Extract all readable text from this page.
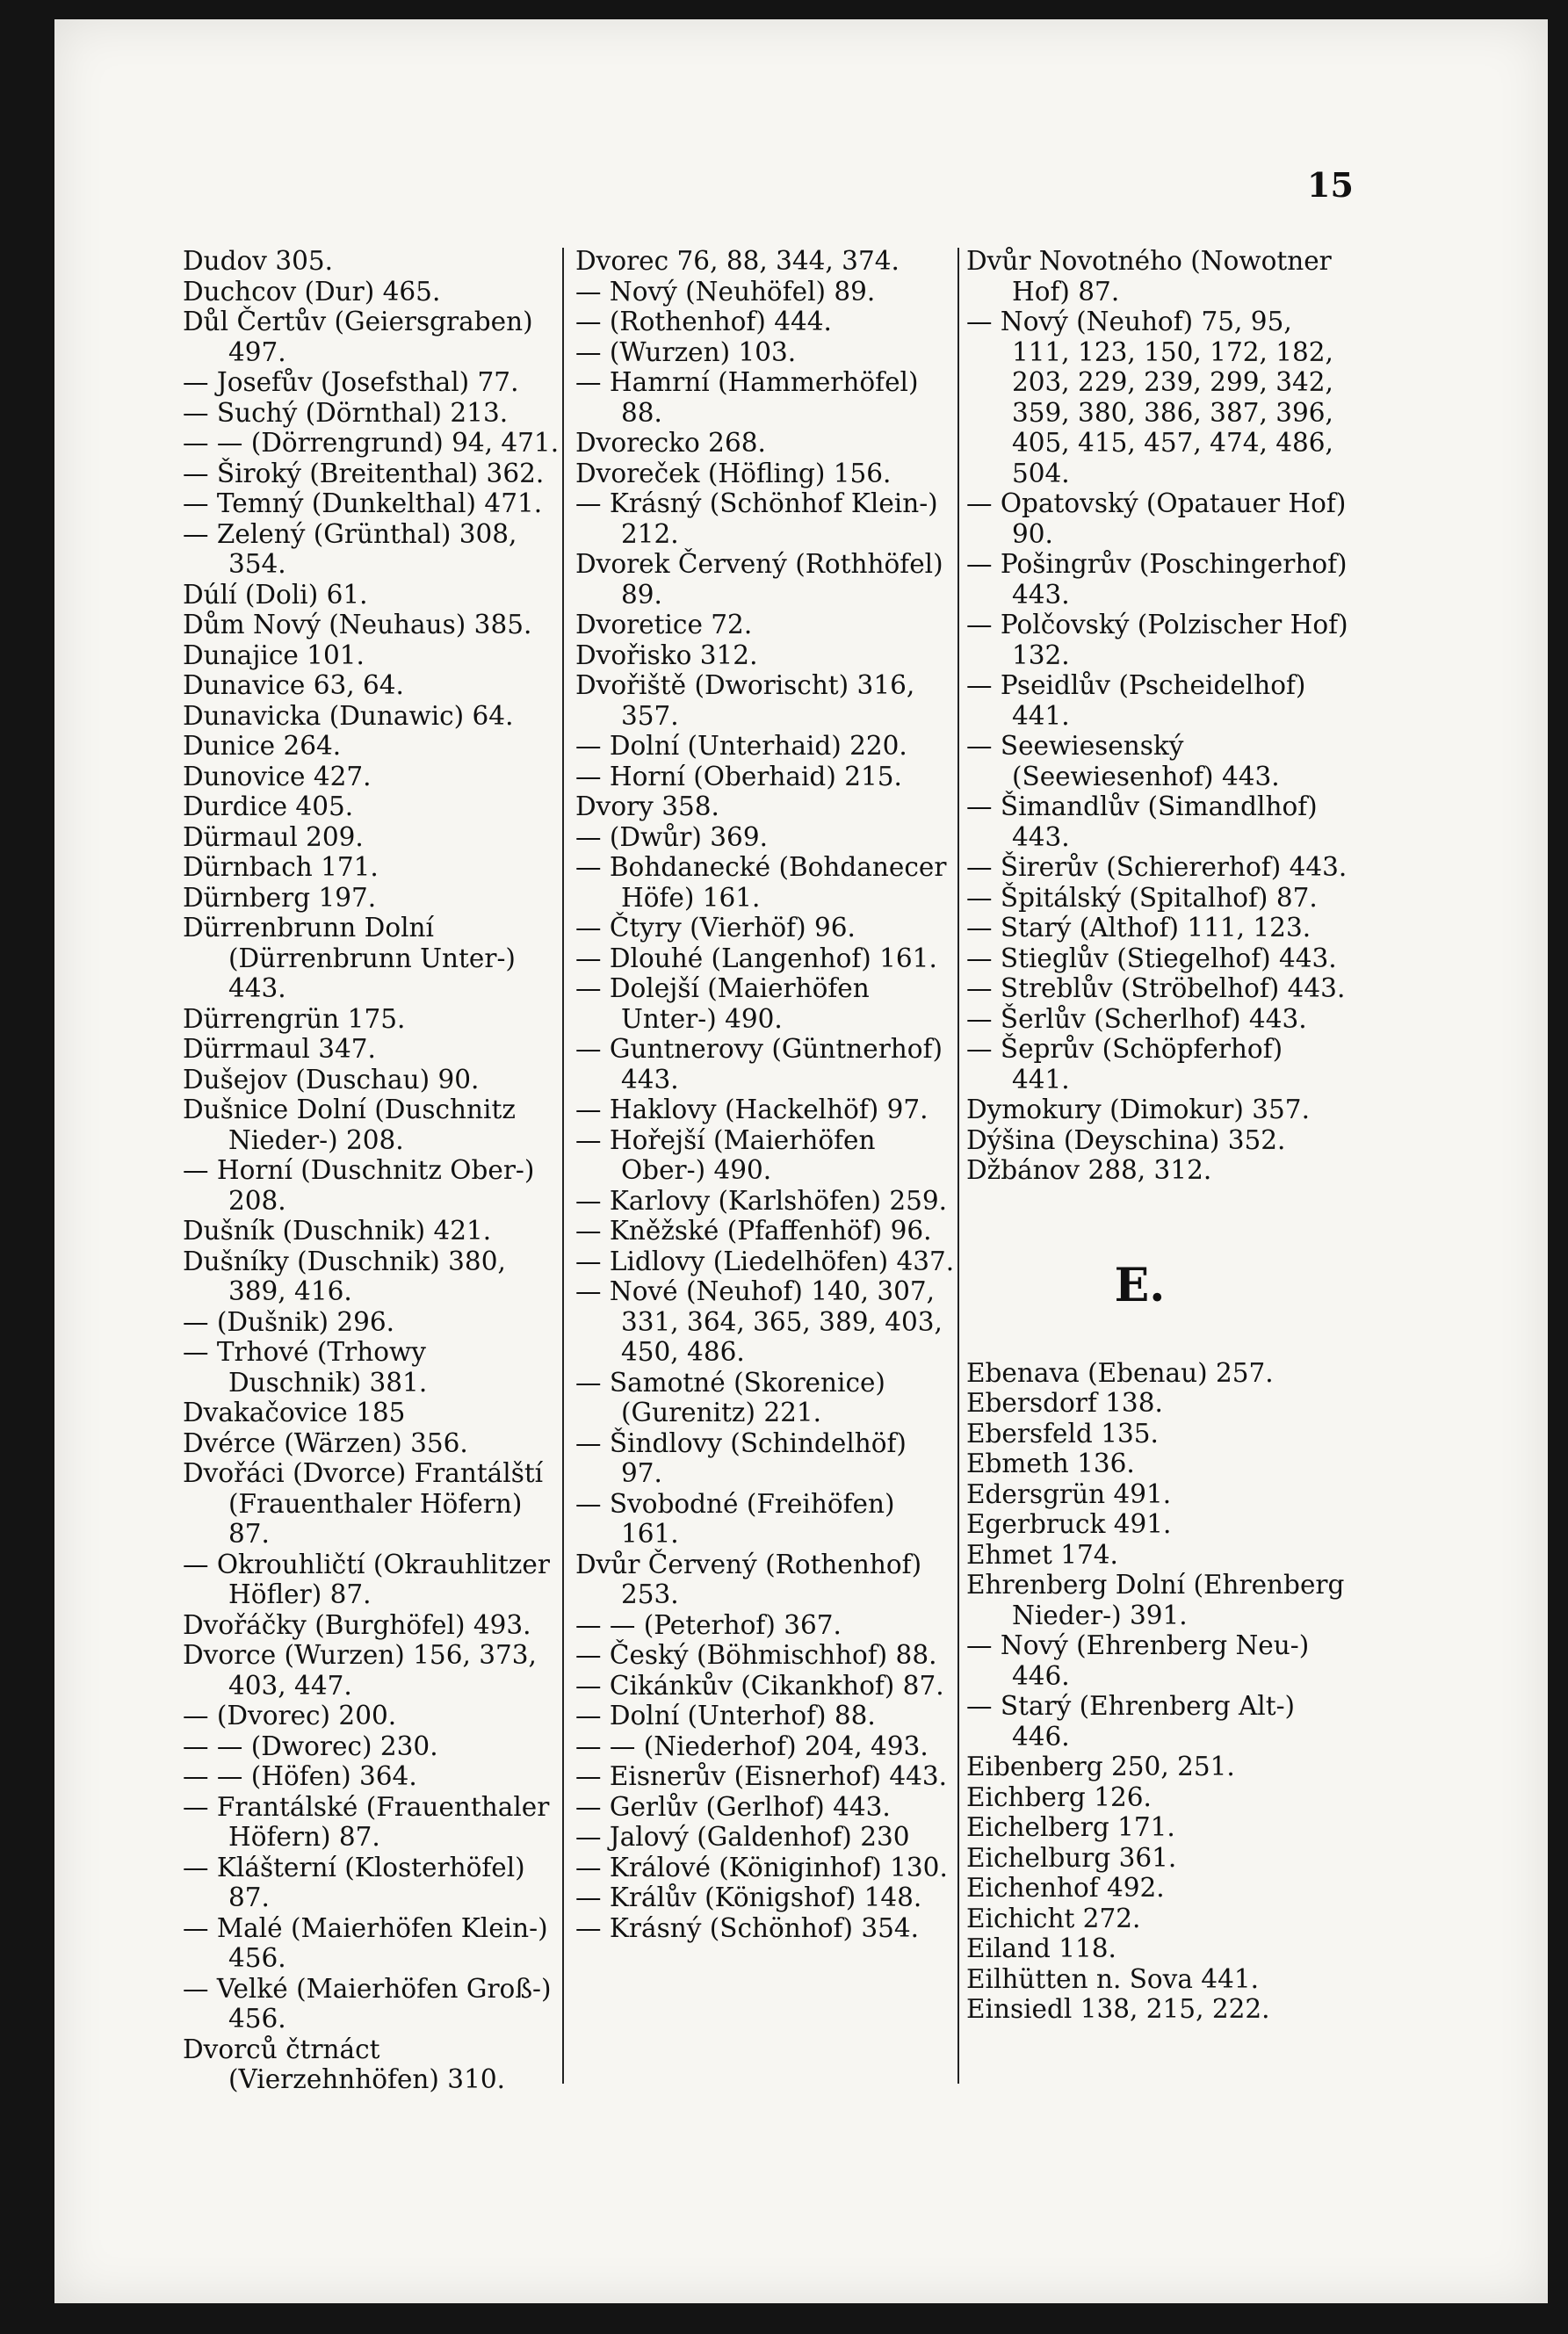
15

Dudov 305.

Duchcov (Dur) 465.

Důl Čertův (Geiersgraben) 497.

— Josefův (Josefsthal) 77.

— Suchý (Dörnthal) 213.

— — (Dörrengrund) 94, 471.

— Široký (Breitenthal) 362.

— Temný (Dunkelthal) 471.

— Zelený (Grünthal) 308, 354.

Dúlí (Doli) 61.

Dům Nový (Neuhaus) 385.

Dunajice 101.

Dunavice 63, 64.

Dunavicka (Dunawic) 64.

Dunice 264.

Dunovice 427.

Durdice 405.

Dürmaul 209.

Dürnbach 171.

Dürnberg 197.

Dürrenbrunn Dolní (Dürrenbrunn Unter-) 443.

Dürrengrün 175.

Dürrmaul 347.

Dušejov (Duschau) 90.

Dušnice Dolní (Duschnitz Nieder-) 208.

— Horní (Duschnitz Ober-) 208.

Dušník (Duschnik) 421.

Dušníky (Duschnik) 380, 389, 416.

— (Dušnik) 296.

— Trhové (Trhowy Duschnik) 381.

Dvakačovice 185

Dvérce (Wärzen) 356.

Dvořáci (Dvorce) Frantálští (Frauenthaler Höfern) 87.

— Okrouhličtí (Okrauhlitzer Höfler) 87.

Dvořáčky (Burghöfel) 493.

Dvorce (Wurzen) 156, 373, 403, 447.

— (Dvorec) 200.

— — (Dworec) 230.

— — (Höfen) 364.

— Frantálské (Frauenthaler Höfern) 87.

— Klášterní (Klosterhöfel) 87.

— Malé (Maierhöfen Klein-) 456.

— Velké (Maierhöfen Groß-) 456.

Dvorců čtrnáct (Vierzehnhöfen) 310.

Dvorec 76, 88, 344, 374.

— Nový (Neuhöfel) 89.

— (Rothenhof) 444.

— (Wurzen) 103.

— Hamrní (Hammerhöfel) 88.

Dvorecko 268.

Dvoreček (Höfling) 156.

— Krásný (Schönhof Klein-) 212.

Dvorek Červený (Rothhöfel) 89.

Dvoretice 72.

Dvořisko 312.

Dvořiště (Dworischt) 316, 357.

— Dolní (Unterhaid) 220.

— Horní (Oberhaid) 215.

Dvory 358.

— (Dwůr) 369.

— Bohdanecké (Bohdanecer Höfe) 161.

— Čtyry (Vierhöf) 96.

— Dlouhé (Langenhof) 161.

— Dolejší (Maierhöfen Unter-) 490.

— Guntnerovy (Güntnerhof) 443.

— Haklovy (Hackelhöf) 97.

— Hořejší (Maierhöfen Ober-) 490.

— Karlovy (Karlshöfen) 259.

— Kněžské (Pfaffenhöf) 96.

— Lidlovy (Liedelhöfen) 437.

— Nové (Neuhof) 140, 307, 331, 364, 365, 389, 403, 450, 486.

— Samotné (Skorenice) (Gurenitz) 221.

— Šindlovy (Schindelhöf) 97.

— Svobodné (Freihöfen) 161.

Dvůr Červený (Rothenhof) 253.

— — (Peterhof) 367.

— Český (Böhmischhof) 88.

— Cikánkův (Cikankhof) 87.

— Dolní (Unterhof) 88.

— — (Niederhof) 204, 493.

— Eisnerův (Eisnerhof) 443.

— Gerlův (Gerlhof) 443.

— Jalový (Galdenhof) 230

— Králové (Königinhof) 130.

— Králův (Königshof) 148.

— Krásný (Schönhof) 354.

Dvůr Novotného (Nowotner Hof) 87.

— Nový (Neuhof) 75, 95, 111, 123, 150, 172, 182, 203, 229, 239, 299, 342, 359, 380, 386, 387, 396, 405, 415, 457, 474, 486, 504.

— Opatovský (Opatauer Hof) 90.

— Pošingrův (Poschingerhof) 443.

— Polčovský (Polzischer Hof) 132.

— Pseidlův (Pscheidelhof) 441.

— Seewiesenský (Seewiesenhof) 443.

— Šimandlův (Simandlhof) 443.

— Širerův (Schiererhof) 443.

— Špitálský (Spitalhof) 87.

— Starý (Althof) 111, 123.

— Stieglův (Stiegelhof) 443.

— Streblův (Ströbelhof) 443.

— Šerlův (Scherlhof) 443.

— Šeprův (Schöpferhof) 441.

Dymokury (Dimokur) 357.

Dýšina (Deyschina) 352.

Džbánov 288, 312.

E.

Ebenava (Ebenau) 257.

Ebersdorf 138.

Ebersfeld 135.

Ebmeth 136.

Edersgrün 491.

Egerbruck 491.

Ehmet 174.

Ehrenberg Dolní (Ehrenberg Nieder-) 391.

— Nový (Ehrenberg Neu-) 446.

— Starý (Ehrenberg Alt-) 446.

Eibenberg 250, 251.

Eichberg 126.

Eichelberg 171.

Eichelburg 361.

Eichenhof 492.

Eichicht 272.

Eiland 118.

Eilhütten n. Sova 441.

Einsiedl 138, 215, 222.
